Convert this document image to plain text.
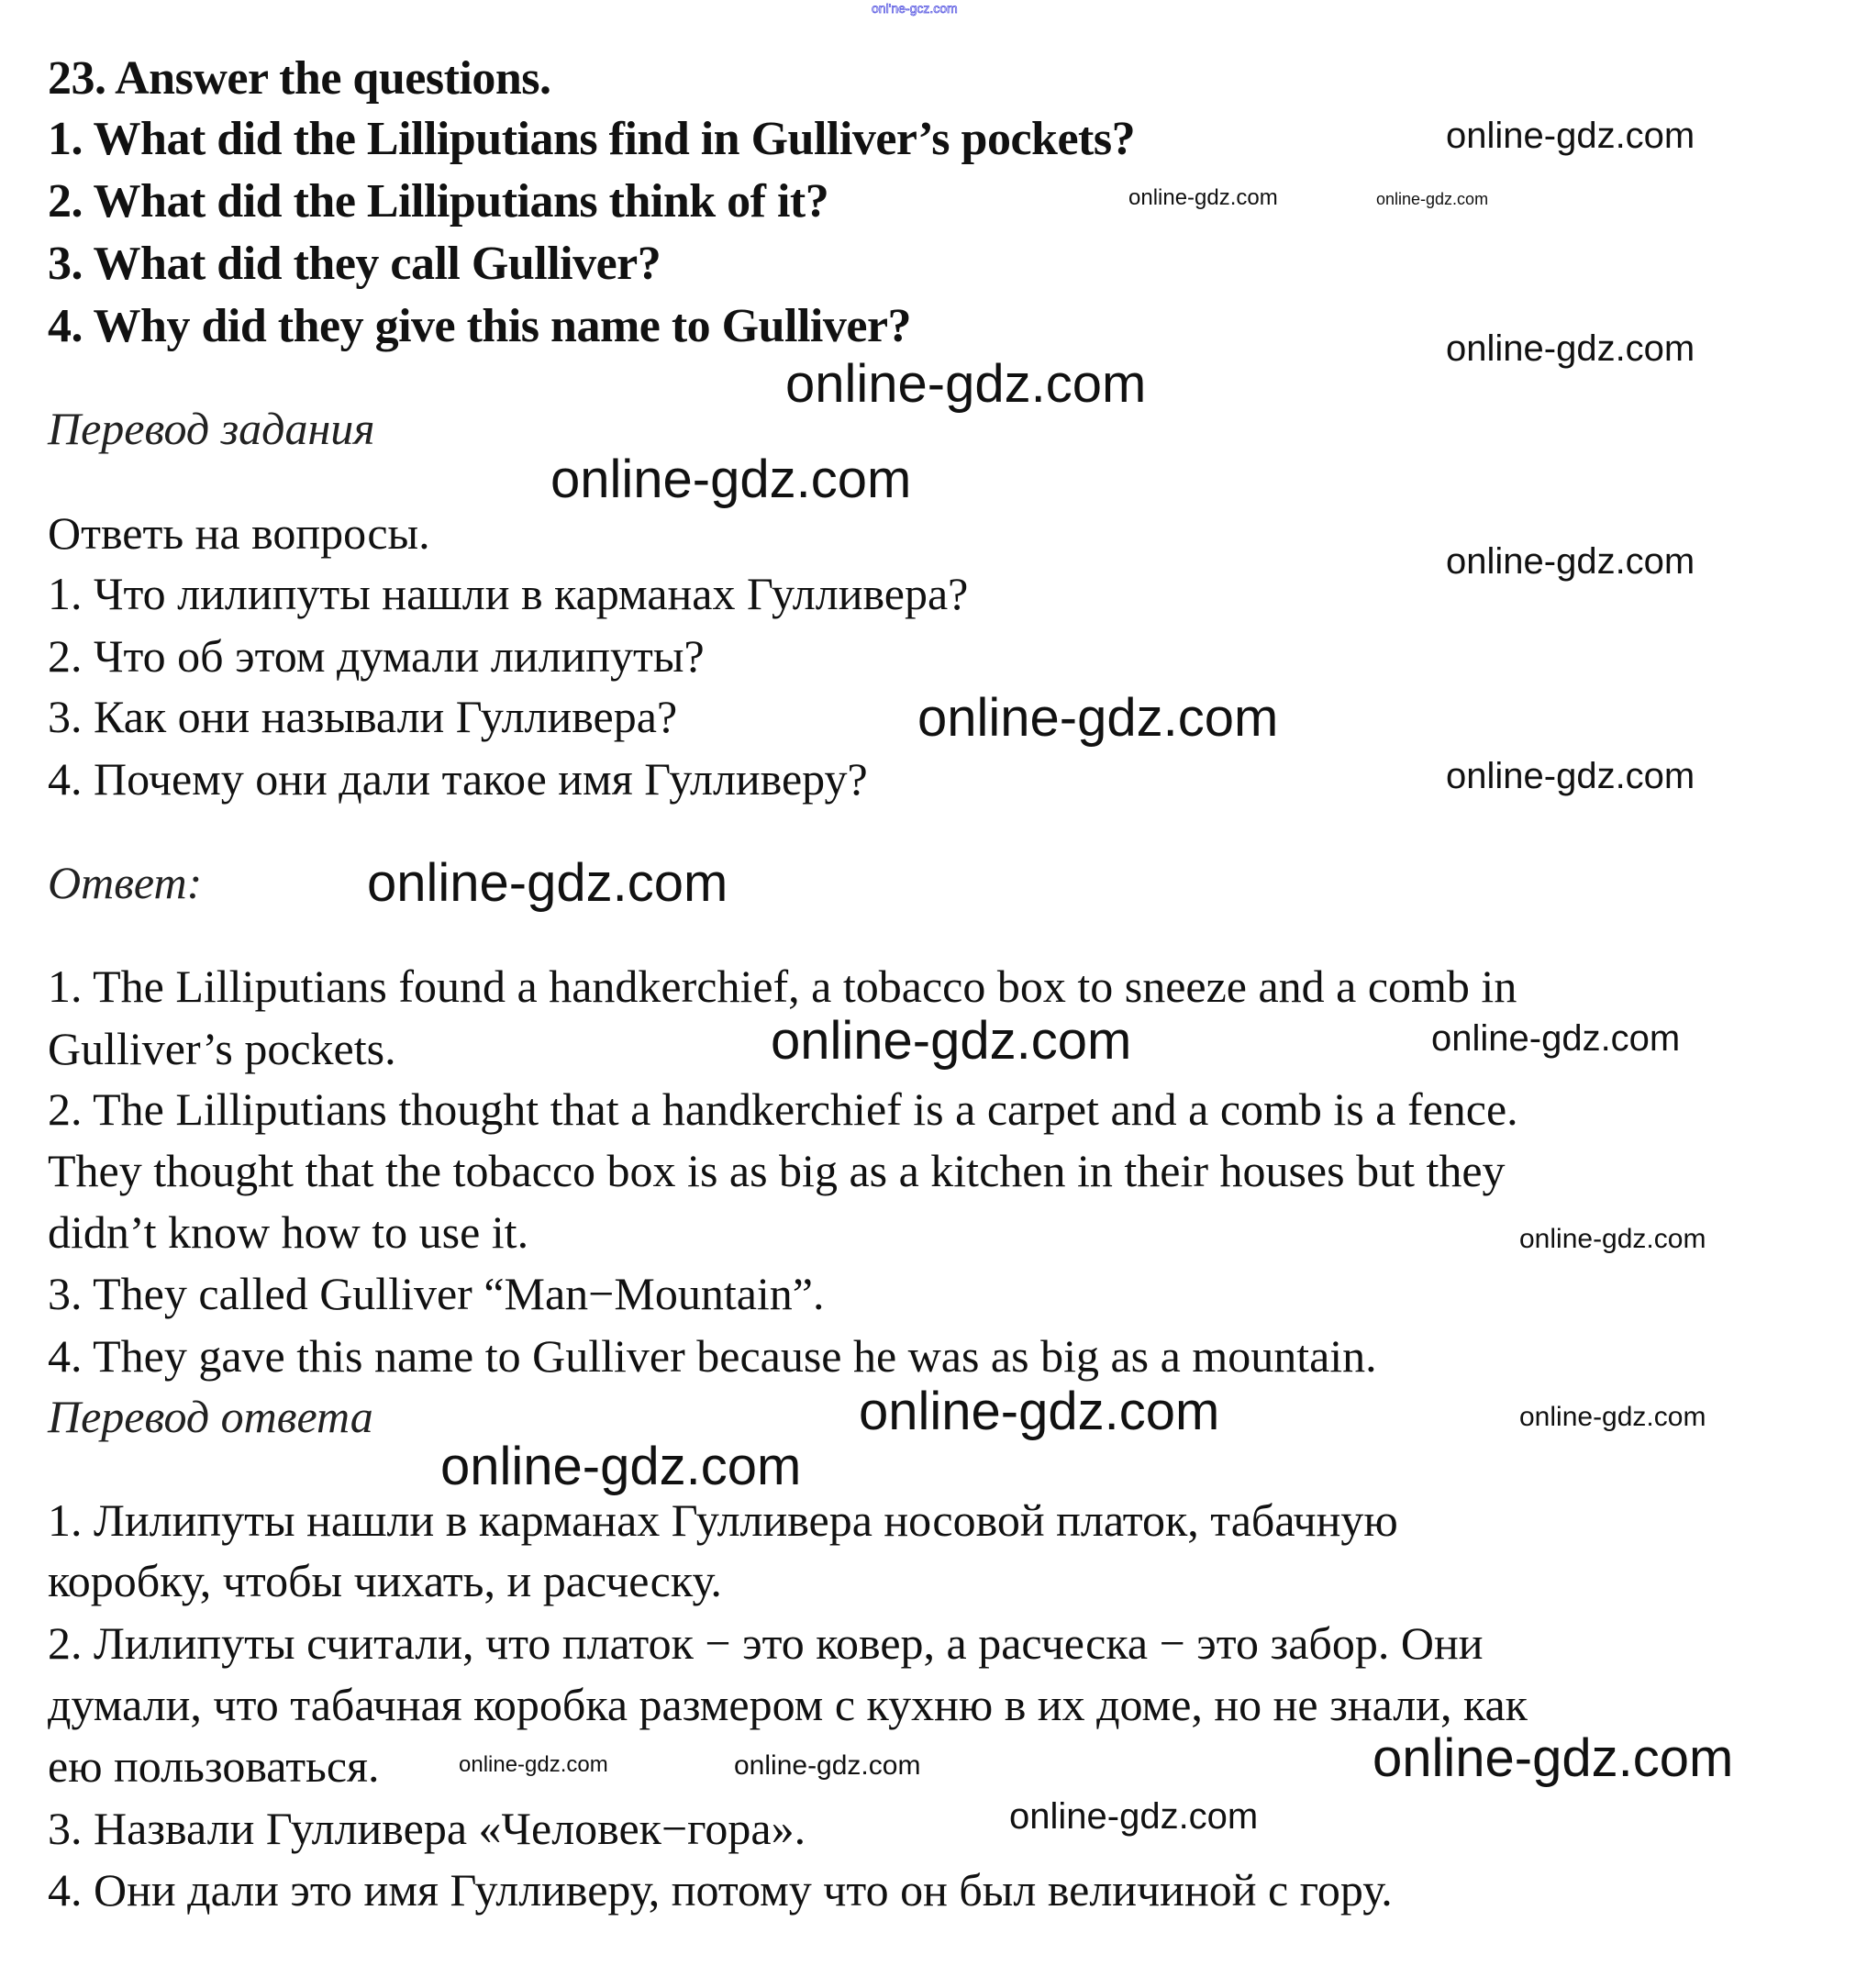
onl'ne-gcz.com
23. Answer the questions.
1. What did the Lilliputians find in Gulliver’s pockets?
2. What did the Lilliputians think of it?
3. What did they call Gulliver?
4. Why did they give this name to Gulliver?
Перевод задания
Ответь на вопросы.
1. Что лилипуты нашли в карманах Гулливера?
2. Что об этом думали лилипуты?
3. Как они называли Гулливера?
4. Почему они дали такое имя Гулливеру?
Ответ:
1. The Lilliputians found a handkerchief, a tobacco box to sneeze and a comb in
Gulliver’s pockets.
2. The Lilliputians thought that a handkerchief is a carpet and a comb is a fence.
They thought that the tobacco box is as big as a kitchen in their houses but they
didn’t know how to use it.
3. They called Gulliver “Man−Mountain”.
4. They gave this name to Gulliver because he was as big as a mountain.
Перевод ответа
1. Лилипуты нашли в карманах Гулливера носовой платок, табачную
коробку, чтобы чихать, и расческу.
2. Лилипуты считали, что платок − это ковер, а расческа − это забор. Они
думали, что табачная коробка размером с кухню в их доме, но не знали, как
ею пользоваться.
3. Назвали Гулливера «Человек−гора».
4. Они дали это имя Гулливеру, потому что он был величиной с гору.
online-gdz.com
online-gdz.com	online-gdz.com
online-gdz.com
online-gdz.com
online-gdz.com
online-gdz.com
online-gdz.com
online-gdz.com
online-gdz.com
online-gdz.com	online-gdz.com
online-gdz.com
online-gdz.com	online-gdz.com
online-gdz.com
online-gdz.com
online-gdz.com	online-gdz.com
online-gdz.com
